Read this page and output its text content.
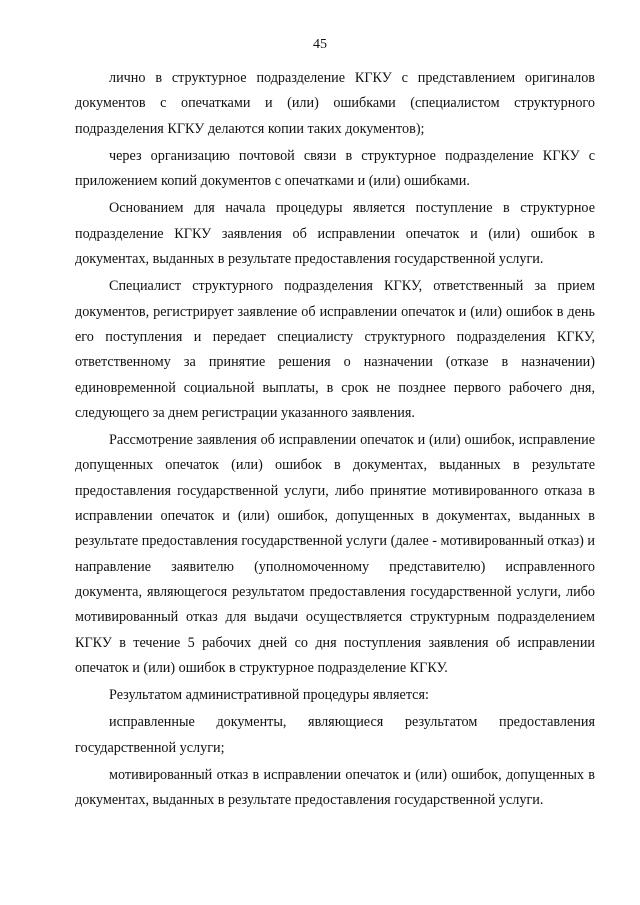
45

лично в структурное подразделение КГКУ с представлением оригиналов документов с опечатками и (или) ошибками (специалистом структурного подразделения КГКУ делаются копии таких документов);

через организацию почтовой связи в структурное подразделение КГКУ с приложением копий документов с опечатками и (или) ошибками.

Основанием для начала процедуры является поступление в структурное подразделение КГКУ заявления об исправлении опечаток и (или) ошибок в документах, выданных в результате предоставления государственной услуги.

Специалист структурного подразделения КГКУ, ответственный за прием документов, регистрирует заявление об исправлении опечаток и (или) ошибок в день его поступления и передает специалисту структурного подразделения КГКУ, ответственному за принятие решения о назначении (отказе в назначении) единовременной социальной выплаты, в срок не позднее первого рабочего дня, следующего за днем регистрации указанного заявления.

Рассмотрение заявления об исправлении опечаток и (или) ошибок, исправление допущенных опечаток (или) ошибок в документах, выданных в результате предоставления государственной услуги, либо принятие мотивированного отказа в исправлении опечаток и (или) ошибок, допущенных в документах, выданных в результате предоставления государственной услуги (далее - мотивированный отказ) и направление заявителю (уполномоченному представителю) исправленного документа, являющегося результатом предоставления государственной услуги, либо мотивированный отказ для выдачи осуществляется структурным подразделением КГКУ в течение 5 рабочих дней со дня поступления заявления об исправлении опечаток и (или) ошибок в структурное подразделение КГКУ.

Результатом административной процедуры является:

исправленные документы, являющиеся результатом предоставления государственной услуги;

мотивированный отказ в исправлении опечаток и (или) ошибок, допущенных в документах, выданных в результате предоставления государственной услуги.
